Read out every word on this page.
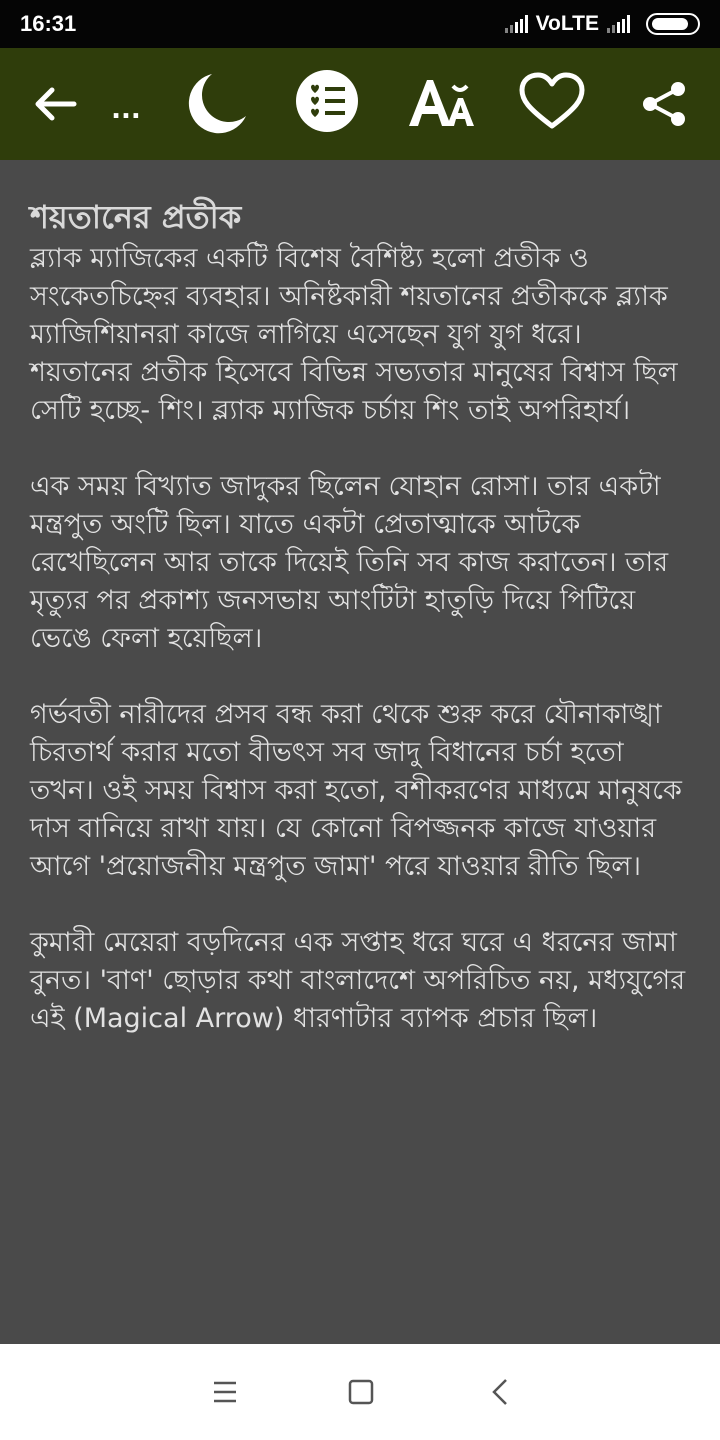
16:31	VoLTE
...
শয়তানের প্রতীক

ব্ল্যাক ম্যাজিকের একটি বিশেষ বৈশিষ্ট্য হলো প্রতীক ও সংকেতচিহ্নের ব্যবহার। অনিষ্টকারী শয়তানের প্রতীককে ব্ল্যাক ম্যাজিশিয়ানরা কাজে লাগিয়ে এসেছেন যুগ যুগ ধরে। শয়তানের প্রতীক হিসেবে বিভিন্ন সভ্যতার মানুষের বিশ্বাস ছিল সেটি হচ্ছে- শিং। ব্ল্যাক ম্যাজিক চর্চায় শিং তাই অপরিহার্য।

এক সময় বিখ্যাত জাদুকর ছিলেন যোহান রোসা। তার একটা মন্ত্রপুত অংটি ছিল। যাতে একটা প্রেতাত্মাকে আটকে রেখেছিলেন আর তাকে দিয়েই তিনি সব কাজ করাতেন। তার মৃত্যুর পর প্রকাশ্য জনসভায় আংটিটা হাতুড়ি দিয়ে পিটিয়ে ভেঙে ফেলা হয়েছিল।

গর্ভবতী নারীদের প্রসব বন্ধ করা থেকে শুরু করে যৌনাকাঙ্খা চিরতার্থ করার মতো বীভৎস সব জাদু বিধানের চর্চা হতো তখন। ওই সময় বিশ্বাস করা হতো, বশীকরণের মাধ্যমে মানুষকে দাস বানিয়ে রাখা যায়। যে কোনো বিপজ্জনক কাজে যাওয়ার আগে 'প্রয়োজনীয় মন্ত্রপুত জামা' পরে যাওয়ার রীতি ছিল।

কুমারী মেয়েরা বড়দিনের এক সপ্তাহ ধরে ঘরে এ ধরনের জামা বুনত। 'বাণ' ছোড়ার কথা বাংলাদেশে অপরিচিত নয়, মধ্যযুগের এই (Magical Arrow) ধারণাটার ব্যাপক প্রচার ছিল।
